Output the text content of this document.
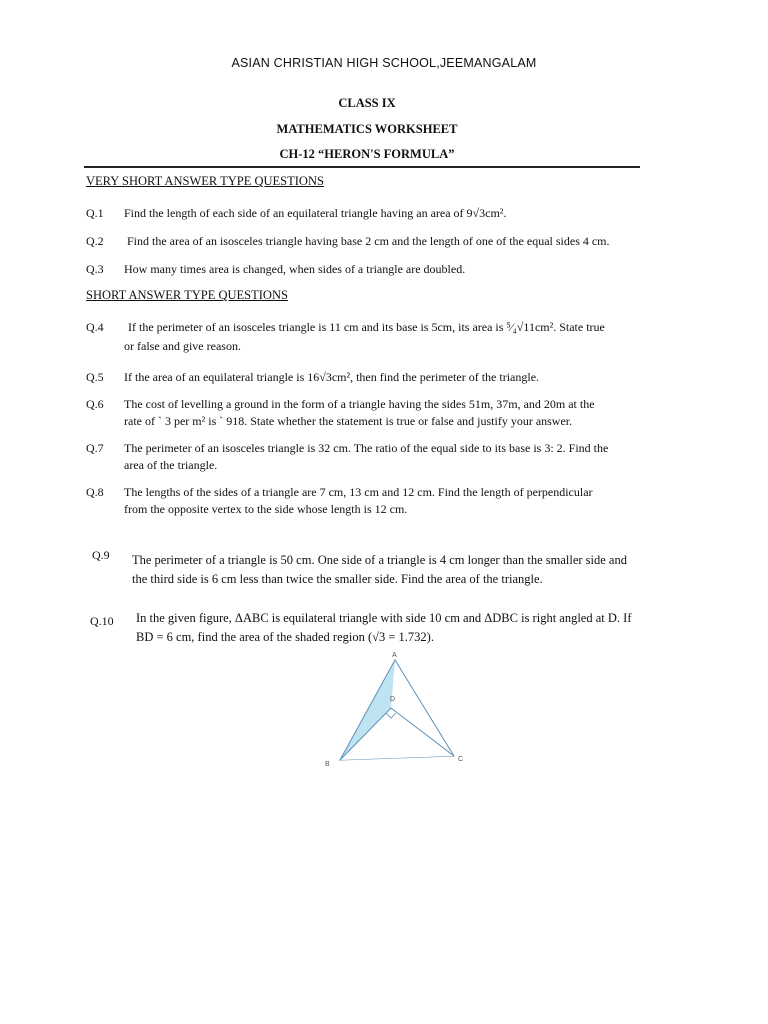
ASIAN CHRISTIAN HIGH SCHOOL,JEEMANGALAM
CLASS IX
MATHEMATICS WORKSHEET
CH-12 “HERON'S FORMULA”
VERY SHORT ANSWER TYPE QUESTIONS
Q.1 Find the length of each side of an equilateral triangle having an area of 9√3cm².
Q.2 Find the area of an isosceles triangle having base 2 cm and the length of one of the equal sides 4 cm.
Q.3 How many times area is changed, when sides of a triangle are doubled.
SHORT ANSWER TYPE QUESTIONS
Q.4 If the perimeter of an isosceles triangle is 11 cm and its base is 5cm, its area is ⁵⁄₄√11cm². State true
or false and give reason.
Q.5 If the area of an equilateral triangle is 16√3cm², then find the perimeter of the triangle.
Q.6 The cost of levelling a ground in the form of a triangle having the sides 51m, 37m, and 20m at the
rate of ` 3 per m² is ` 918. State whether the statement is true or false and justify your answer.
Q.7 The perimeter of an isosceles triangle is 32 cm. The ratio of the equal side to its base is 3: 2. Find the
area of the triangle.
Q.8 The lengths of the sides of a triangle are 7 cm, 13 cm and 12 cm. Find the length of perpendicular
from the opposite vertex to the side whose length is 12 cm.
Q.9 The perimeter of a triangle is 50 cm. One side of a triangle is 4 cm longer than the smaller side and
the third side is 6 cm less than twice the smaller side. Find the area of the triangle.
Q.10 In the given figure, ΔABC is equilateral triangle with side 10 cm and ΔDBC is right angled at D. If
BD = 6 cm, find the area of the shaded region (√3 = 1.732).
A
D
B
C
